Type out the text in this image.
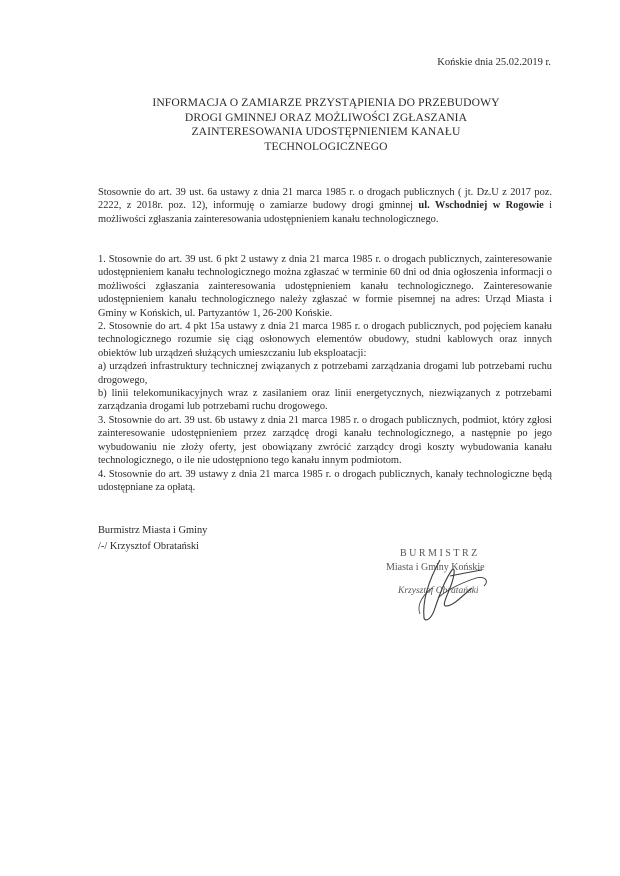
Końskie dnia 25.02.2019 r.
INFORMACJA O ZAMIARZE PRZYSTĄPIENIA DO PRZEBUDOWY
DROGI GMINNEJ ORAZ MOŻLIWOŚCI ZGŁASZANIA
ZAINTERESOWANIA UDOSTĘPNIENIEM KANAŁU
TECHNOLOGICZNEGO
Stosownie do art. 39 ust. 6a ustawy z dnia 21 marca 1985 r. o drogach publicznych ( jt. Dz.U z 2017 poz. 2222, z 2018r. poz. 12), informuję o zamiarze budowy drogi gminnej ul. Wschodniej w Rogowie i możliwości zgłaszania zainteresowania udostępnieniem kanału technologicznego.

1. Stosownie do art. 39 ust. 6 pkt 2 ustawy z dnia 21 marca 1985 r. o drogach publicznych, zainteresowanie udostępnieniem kanału technologicznego można zgłaszać w terminie 60 dni od dnia ogłoszenia informacji o możliwości zgłaszania zainteresowania udostępnieniem kanału technologicznego. Zainteresowanie udostępnieniem kanału technologicznego należy zgłaszać w formie pisemnej na adres: Urząd Miasta i Gminy w Końskich, ul. Partyzantów 1, 26-200 Końskie.

2. Stosownie do art. 4 pkt 15a ustawy z dnia 21 marca 1985 r. o drogach publicznych, pod pojęciem kanału technologicznego rozumie się ciąg osłonowych elementów obudowy, studni kablowych oraz innych obiektów lub urządzeń służących umieszczaniu lub eksploatacji:

a) urządzeń infrastruktury technicznej związanych z potrzebami zarządzania drogami lub potrzebami ruchu drogowego,

b) linii telekomunikacyjnych wraz z zasilaniem oraz linii energetycznych, niezwiązanych z potrzebami zarządzania drogami lub potrzebami ruchu drogowego.

3. Stosownie do art. 39 ust. 6b ustawy z dnia 21 marca 1985 r. o drogach publicznych, podmiot, który zgłosi zainteresowanie udostępnieniem przez zarządcę drogi kanału technologicznego, a następnie po jego wybudowaniu nie złoży oferty, jest obowiązany zwrócić zarządcy drogi koszty wybudowania kanału technologicznego, o ile nie udostępniono tego kanału innym podmiotom.

4. Stosownie do art. 39 ustawy z dnia 21 marca 1985 r. o drogach publicznych, kanały technologiczne będą udostępniane za opłatą.

Burmistrz Miasta i Gminy
/-/ Krzysztof Obratański
BURMISTRZ
Miasta i Gminy Końskie
Krzysztof Obratański
